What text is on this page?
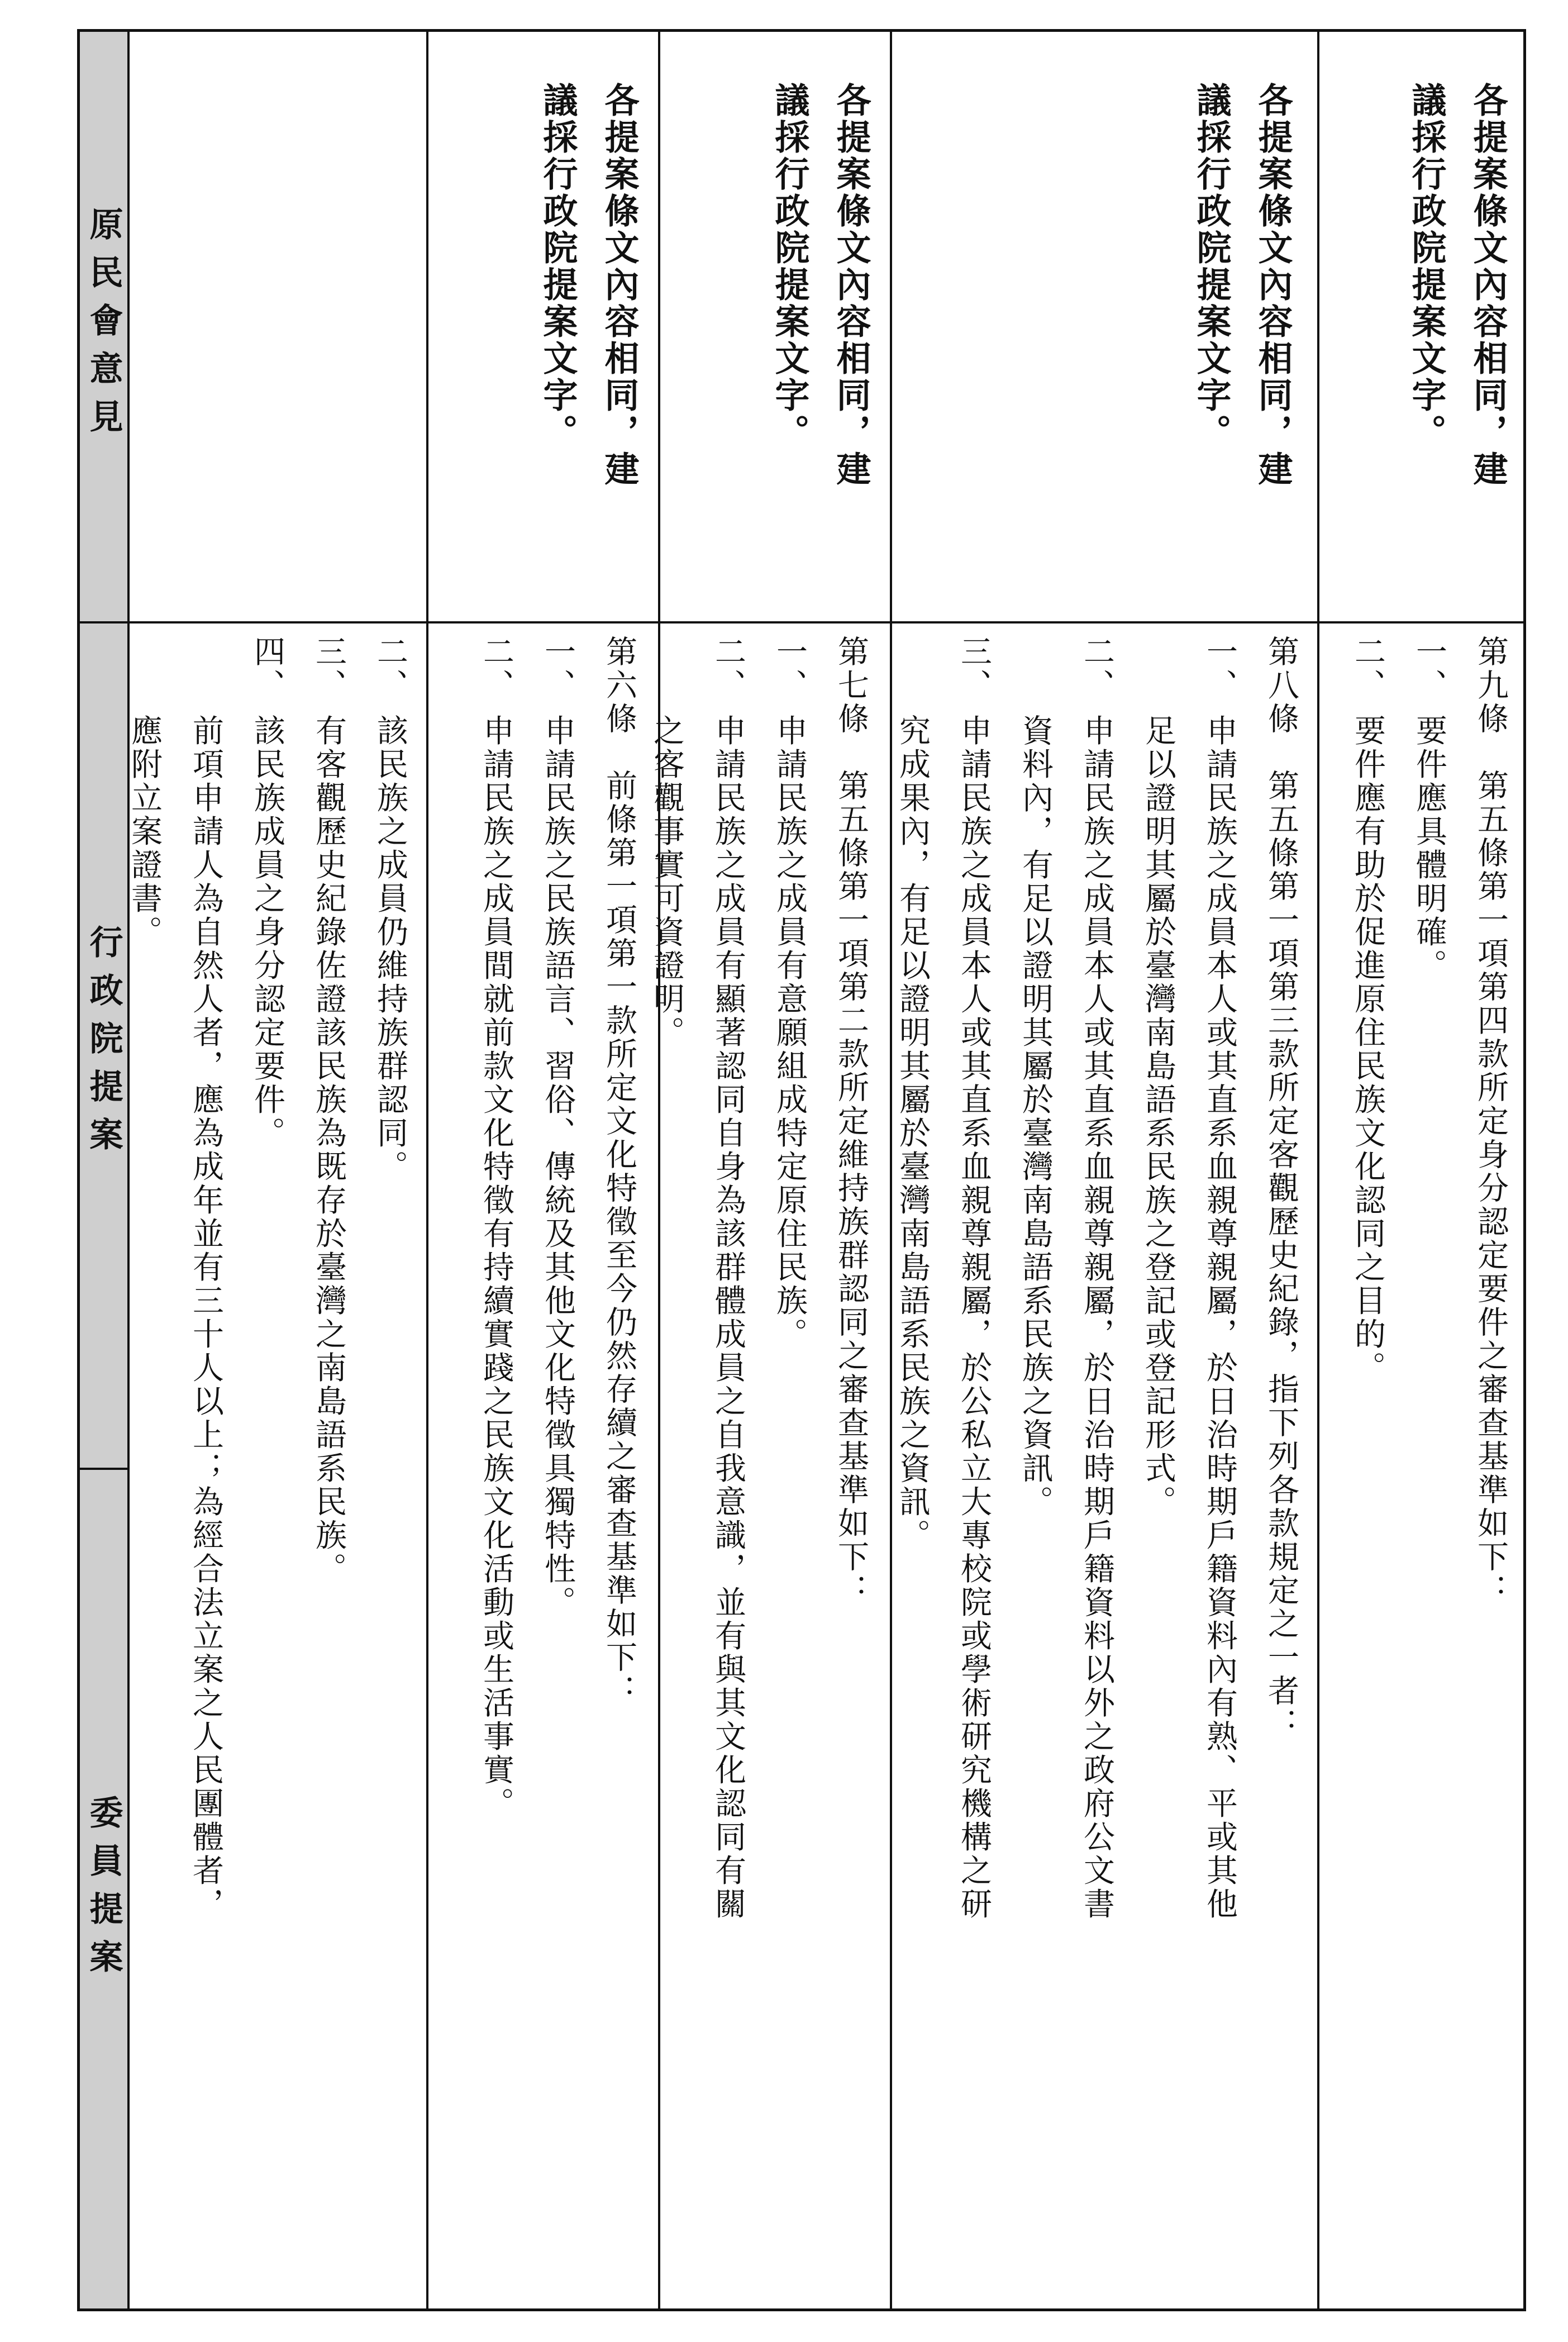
原民會意見
行政院提案
委員提案
二、 該民族之成員仍維持族群認同。
三、 有客觀歷史紀錄佐證該民族為既存於臺灣之南島語系民族。
四、 該民族成員之身分認定要件。
　　 前項申請人為自然人者，應為成年並有三十人以上；為經合法立案之人民團體者，
　　 應附立案證書。
各提案條文內容相同，建
議採行政院提案文字。
第六條　前條第一項第一款所定文化特徵至今仍然存續之審查基準如下：
一、 申請民族之民族語言、習俗、傳統及其他文化特徵具獨特性。
二、 申請民族之成員間就前款文化特徵有持續實踐之民族文化活動或生活事實。
各提案條文內容相同，建
議採行政院提案文字。
第七條　第五條第一項第二款所定維持族群認同之審查基準如下：
一、 申請民族之成員有意願組成特定原住民族。
二、 申請民族之成員有顯著認同自身為該群體成員之自我意識，並有與其文化認同有關
　　 之客觀事實可資證明。
各提案條文內容相同，建
議採行政院提案文字。
第八條　第五條第一項第三款所定客觀歷史紀錄，指下列各款規定之一者：
一、 申請民族之成員本人或其直系血親尊親屬，於日治時期戶籍資料內有熟、平或其他
　　 足以證明其屬於臺灣南島語系民族之登記或登記形式。
二、 申請民族之成員本人或其直系血親尊親屬，於日治時期戶籍資料以外之政府公文書
　　 資料內，有足以證明其屬於臺灣南島語系民族之資訊。
三、 申請民族之成員本人或其直系血親尊親屬，於公私立大專校院或學術研究機構之研
　　 究成果內，有足以證明其屬於臺灣南島語系民族之資訊。
各提案條文內容相同，建
議採行政院提案文字。
第九條　第五條第一項第四款所定身分認定要件之審查基準如下：
一、 要件應具體明確。
二、 要件應有助於促進原住民族文化認同之目的。
